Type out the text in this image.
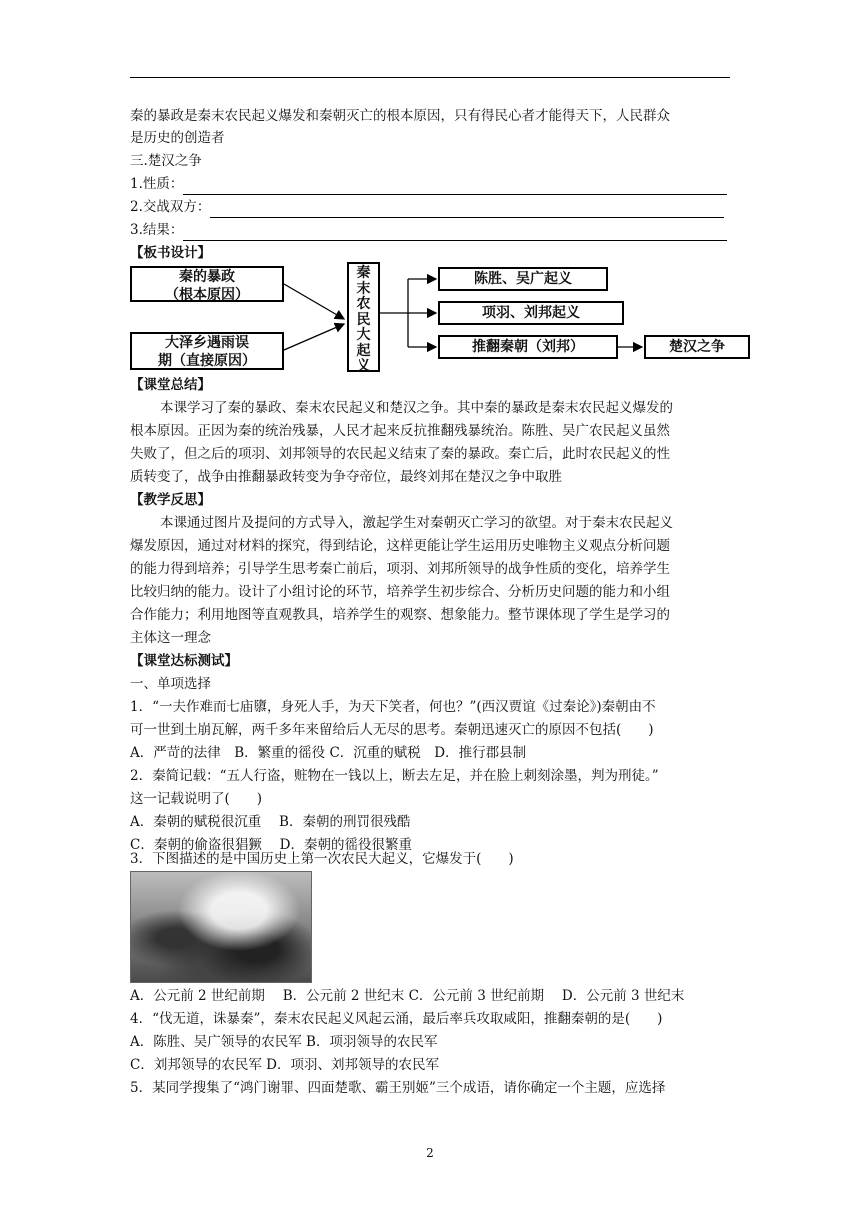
秦的暴政是秦末农民起义爆发和秦朝灭亡的根本原因，只有得民心者才能得天下，人民群众
是历史的创造者
三.楚汉之争
1.性质：
2.交战双方：
3.结果：
【板书设计】
秦的暴政
（根本原因）
大泽乡遇雨误
期（直接原因）
秦末农民大起义
陈胜、吴广起义
项羽、刘邦起义
推翻秦朝（刘邦）	楚汉之争
【课堂总结】
本课学习了秦的暴政、秦末农民起义和楚汉之争。其中秦的暴政是秦末农民起义爆发的
根本原因。正因为秦的统治残暴，人民才起来反抗推翻残暴统治。陈胜、吴广农民起义虽然
失败了，但之后的项羽、刘邦领导的农民起义结束了秦的暴政。秦亡后，此时农民起义的性
质转变了，战争由推翻暴政转变为争夺帝位，最终刘邦在楚汉之争中取胜
【教学反思】
本课通过图片及提问的方式导入，激起学生对秦朝灭亡学习的欲望。对于秦末农民起义
爆发原因，通过对材料的探究，得到结论，这样更能让学生运用历史唯物主义观点分析问题
的能力得到培养；引导学生思考秦亡前后，项羽、刘邦所领导的战争性质的变化，培养学生
比较归纳的能力。设计了小组讨论的环节，培养学生初步综合、分析历史问题的能力和小组
合作能力；利用地图等直观教具，培养学生的观察、想象能力。整节课体现了学生是学习的
主体这一理念
【课堂达标测试】
一、单项选择
1．“一夫作难而七庙隳，身死人手，为天下笑者，何也？”(西汉贾谊《过秦论》)秦朝由不
可一世到土崩瓦解，两千多年来留给后人无尽的思考。秦朝迅速灭亡的原因不包括(　　)
A．严苛的法律　B．繁重的徭役 C．沉重的赋税　D．推行郡县制
2．秦简记载：“五人行盗，赃物在一钱以上，断去左足，并在脸上刺刻涂墨，判为刑徒。”
这一记载说明了(　　)
A．秦朝的赋税很沉重　 B．秦朝的刑罚很残酷
C．秦朝的偷盗很猖獗　 D．秦朝的徭役很繁重
3．下图描述的是中国历史上第一次农民大起义，它爆发于(　　)
A．公元前 2 世纪前期　 B．公元前 2 世纪末 C．公元前 3 世纪前期　 D．公元前 3 世纪末
4．“伐无道，诛暴秦”，秦末农民起义风起云涌，最后率兵攻取咸阳，推翻秦朝的是(　　)
A．陈胜、吴广领导的农民军 B．项羽领导的农民军
C．刘邦领导的农民军 D．项羽、刘邦领导的农民军
5．某同学搜集了“鸿门谢罪、四面楚歌、霸王别姬”三个成语，请你确定一个主题，应选择
2
